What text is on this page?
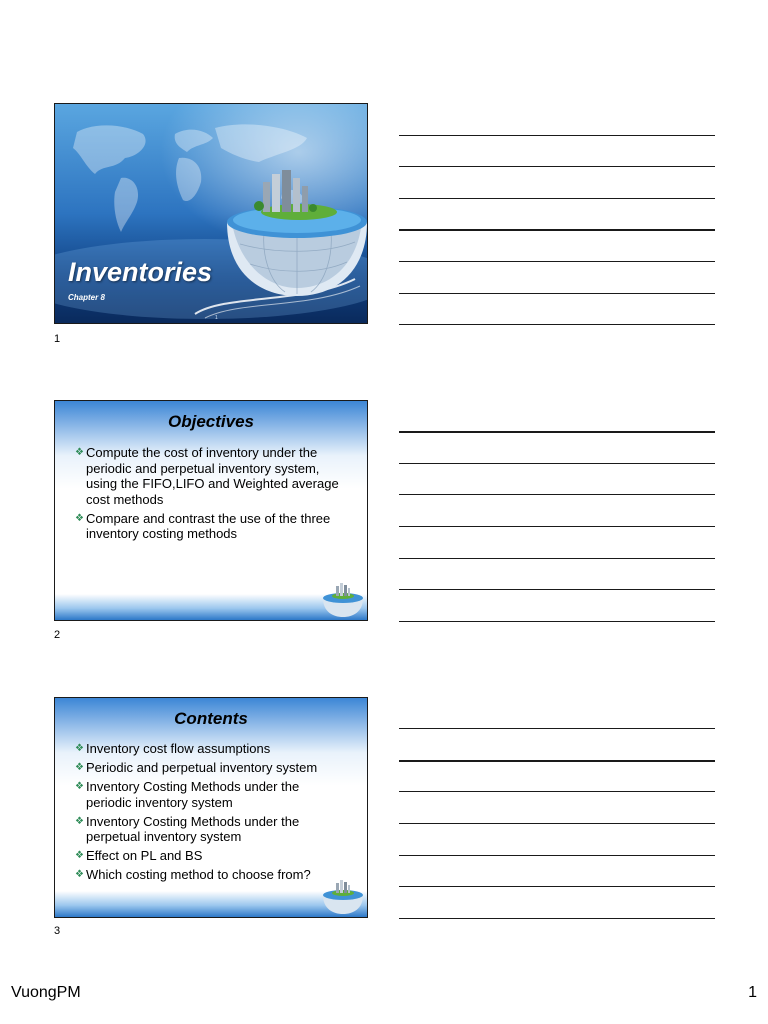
Inventories
Chapter 8
1
1
Objectives
❖ Compute the cost of inventory under the periodic and perpetual inventory system, using the FIFO,LIFO and Weighted average cost methods
❖ Compare and contrast the use of the three inventory costing methods
2
Contents
❖ Inventory cost flow assumptions
❖ Periodic and perpetual inventory system
❖ Inventory Costing Methods under the periodic inventory system
❖ Inventory Costing Methods under the perpetual inventory system
❖ Effect on PL and BS
❖ Which costing method to choose from?
3
VuongPM	1
